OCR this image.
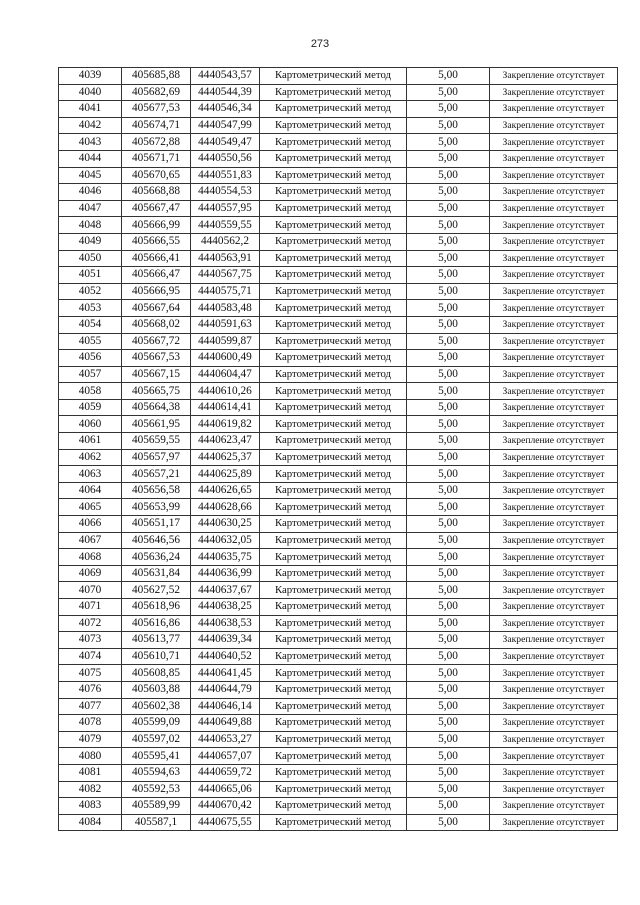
273
4039	405685,88	4440543,57	Картометрический метод	5,00	Закрепление отсутствует
4040	405682,69	4440544,39	Картометрический метод	5,00	Закрепление отсутствует
4041	405677,53	4440546,34	Картометрический метод	5,00	Закрепление отсутствует
4042	405674,71	4440547,99	Картометрический метод	5,00	Закрепление отсутствует
4043	405672,88	4440549,47	Картометрический метод	5,00	Закрепление отсутствует
4044	405671,71	4440550,56	Картометрический метод	5,00	Закрепление отсутствует
4045	405670,65	4440551,83	Картометрический метод	5,00	Закрепление отсутствует
4046	405668,88	4440554,53	Картометрический метод	5,00	Закрепление отсутствует
4047	405667,47	4440557,95	Картометрический метод	5,00	Закрепление отсутствует
4048	405666,99	4440559,55	Картометрический метод	5,00	Закрепление отсутствует
4049	405666,55	4440562,2	Картометрический метод	5,00	Закрепление отсутствует
4050	405666,41	4440563,91	Картометрический метод	5,00	Закрепление отсутствует
4051	405666,47	4440567,75	Картометрический метод	5,00	Закрепление отсутствует
4052	405666,95	4440575,71	Картометрический метод	5,00	Закрепление отсутствует
4053	405667,64	4440583,48	Картометрический метод	5,00	Закрепление отсутствует
4054	405668,02	4440591,63	Картометрический метод	5,00	Закрепление отсутствует
4055	405667,72	4440599,87	Картометрический метод	5,00	Закрепление отсутствует
4056	405667,53	4440600,49	Картометрический метод	5,00	Закрепление отсутствует
4057	405667,15	4440604,47	Картометрический метод	5,00	Закрепление отсутствует
4058	405665,75	4440610,26	Картометрический метод	5,00	Закрепление отсутствует
4059	405664,38	4440614,41	Картометрический метод	5,00	Закрепление отсутствует
4060	405661,95	4440619,82	Картометрический метод	5,00	Закрепление отсутствует
4061	405659,55	4440623,47	Картометрический метод	5,00	Закрепление отсутствует
4062	405657,97	4440625,37	Картометрический метод	5,00	Закрепление отсутствует
4063	405657,21	4440625,89	Картометрический метод	5,00	Закрепление отсутствует
4064	405656,58	4440626,65	Картометрический метод	5,00	Закрепление отсутствует
4065	405653,99	4440628,66	Картометрический метод	5,00	Закрепление отсутствует
4066	405651,17	4440630,25	Картометрический метод	5,00	Закрепление отсутствует
4067	405646,56	4440632,05	Картометрический метод	5,00	Закрепление отсутствует
4068	405636,24	4440635,75	Картометрический метод	5,00	Закрепление отсутствует
4069	405631,84	4440636,99	Картометрический метод	5,00	Закрепление отсутствует
4070	405627,52	4440637,67	Картометрический метод	5,00	Закрепление отсутствует
4071	405618,96	4440638,25	Картометрический метод	5,00	Закрепление отсутствует
4072	405616,86	4440638,53	Картометрический метод	5,00	Закрепление отсутствует
4073	405613,77	4440639,34	Картометрический метод	5,00	Закрепление отсутствует
4074	405610,71	4440640,52	Картометрический метод	5,00	Закрепление отсутствует
4075	405608,85	4440641,45	Картометрический метод	5,00	Закрепление отсутствует
4076	405603,88	4440644,79	Картометрический метод	5,00	Закрепление отсутствует
4077	405602,38	4440646,14	Картометрический метод	5,00	Закрепление отсутствует
4078	405599,09	4440649,88	Картометрический метод	5,00	Закрепление отсутствует
4079	405597,02	4440653,27	Картометрический метод	5,00	Закрепление отсутствует
4080	405595,41	4440657,07	Картометрический метод	5,00	Закрепление отсутствует
4081	405594,63	4440659,72	Картометрический метод	5,00	Закрепление отсутствует
4082	405592,53	4440665,06	Картометрический метод	5,00	Закрепление отсутствует
4083	405589,99	4440670,42	Картометрический метод	5,00	Закрепление отсутствует
4084	405587,1	4440675,55	Картометрический метод	5,00	Закрепление отсутствует
